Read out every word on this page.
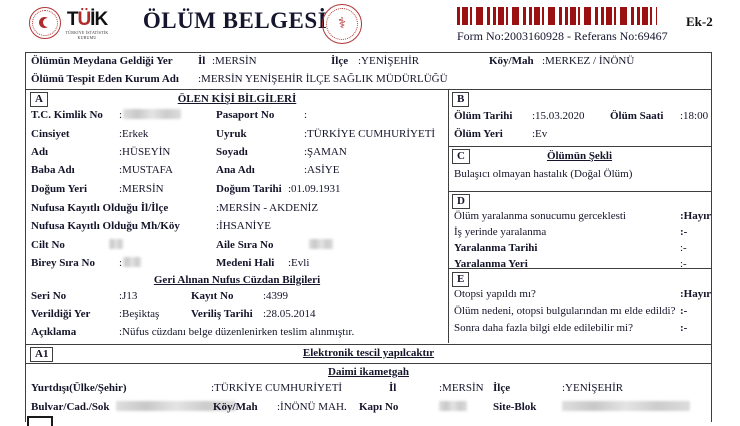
TÜİK
TÜRKİYE İSTATİSTİK KURUMU
ÖLÜM BELGESİ ⚕	Ek-2
Form No:2003160928 - Referans No:69467
Ölümün Meydana Geldiği Yer İl :MERSİN	İlçe :YENİŞEHİR	Köy/Mah :MERKEZ / İNÖNÜ
Ölümü Tespit Eden Kurum Adı :MERSİN YENİŞEHİR İLÇE SAĞLIK MÜDÜRLÜĞÜ
A	ÖLEN KİŞİ BİLGİLERİ
T.C. Kimlik No :	Pasaport No	:
Cinsiyet	:Erkek	Uyruk	:TÜRKİYE CUMHURİYETİ
Adı	:HÜSEYİN	Soyadı	:ŞAMAN
Baba Adı	:MUSTAFA	Ana Adı	:ASİYE
Doğum Yeri	:MERSİN	Doğum Tarihi :01.09.1931
Nufusa Kayıtlı Olduğu İl/İlçe	:MERSİN - AKDENİZ
Nufusa Kayıtlı Olduğu Mh/Köy	:İHSANİYE
Cilt No	Aile Sıra No
Birey Sıra No :	Medeni Hali :Evli
Geri Alınan Nufus Cüzdan Bilgileri
Seri No	:J13	Kayıt No	:4399
Verildiği Yer	:Beşiktaş	Veriliş Tarihi :28.05.2014
Açıklama	:Nüfus cüzdanı belge düzenlenirken teslim alınmıştır.
B
Ölüm Tarihi :15.03.2020 Ölüm Saati :18:00
Ölüm Yeri	:Ev
C	Ölümün Şekli
Bulaşıcı olmayan hastalık (Doğal Ölüm)
D
Ölüm yaralanma sonucumu gerceklesti	:Hayır
İş yerinde yaralanma	:-
Yaralanma Tarihi	:-
Yaralanma Yeri	:-
E
Otopsi yapıldı mı?	:Hayır
Ölüm nedeni, otopsi bulgularından mı elde edildi? :-
Sonra daha fazla bilgi elde edilebilir mi?	:-
A1	Elektronik tescil yapılcaktır
Daimi ikametgah
Yurtdışı(Ülke/Şehir)	:TÜRKİYE CUMHURİYETİ	İl	:MERSİN İlçe	:YENİŞEHİR
Bulvar/Cad./Sok	Köy/Mah :İNÖNÜ MAH. Kapı No	Site-Blok
